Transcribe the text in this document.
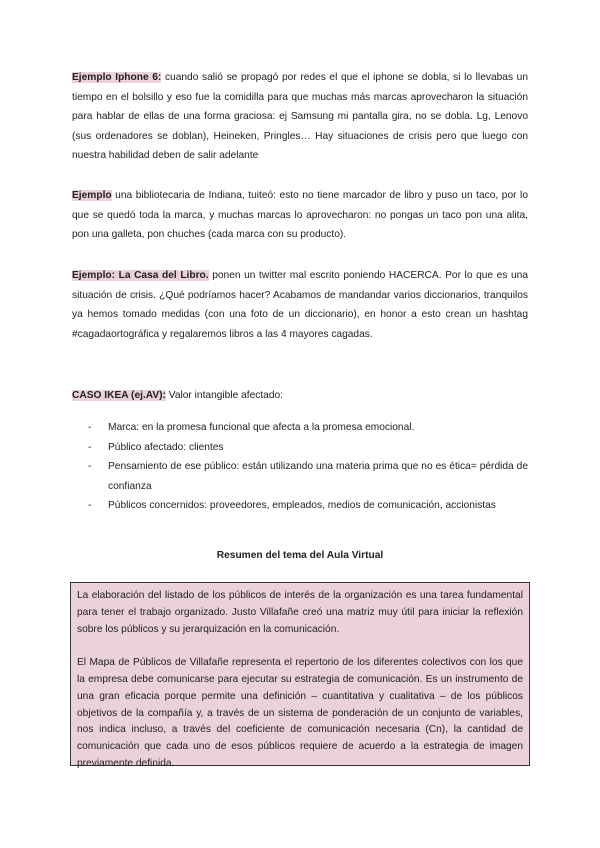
Ejemplo Iphone 6: cuando salió se propagó por redes el que el iphone se dobla, si lo llevabas un tiempo en el bolsillo y eso fue la comidilla para que muchas más marcas aprovecharon la situación para hablar de ellas de una forma graciosa: ej Samsung mi pantalla gira, no se dobla. Lg, Lenovo (sus ordenadores se doblan), Heineken, Pringles… Hay situaciones de crisis pero que luego con nuestra habilidad deben de salir adelante

Ejemplo una bibliotecaria de Indiana, tuiteó: esto no tiene marcador de libro y puso un taco, por lo que se quedó toda la marca, y muchas marcas lo aprovecharon: no pongas un taco pon una alita, pon una galleta, pon chuches (cada marca con su producto).

Ejemplo: La Casa del Libro. ponen un twitter mal escrito poniendo HACERCA. Por lo que es una situación de crisis. ¿Qué podríamos hacer? Acabamos de mandandar varios diccionarios, tranquilos ya hemos tomado medidas (con una foto de un diccionario), en honor a esto crean un hashtag #cagadaortográfica y regalaremos libros a las 4 mayores cagadas.

CASO IKEA (ej.AV): Valor intangible afectado:

- Marca: en la promesa funcional que afecta a la promesa emocional.
- Público afectado: clientes
- Pensamiento de ese público: están utilizando una materia prima que no es ética= pérdida de confianza
- Públicos concernidos: proveedores, empleados, medios de comunicación, accionistas

Resumen del tema del Aula Virtual

La elaboración del listado de los públicos de interés de la organización es una tarea fundamental para tener el trabajo organizado. Justo Villafañe creó una matriz muy útil para iniciar la reflexión sobre los públicos y su jerarquización en la comunicación.

El Mapa de Públicos de Villafañe representa el repertorio de los diferentes colectivos con los que la empresa debe comunicarse para ejecutar su estrategia de comunicación. Es un instrumento de una gran eficacia porque permite una definición – cuantitativa y cualitativa – de los públicos objetivos de la compañía y, a través de un sistema de ponderación de un conjunto de variables, nos indica incluso, a través del coeficiente de comunicación necesaria (Cn), la cantidad de comunicación que cada uno de esos públicos requiere de acuerdo a la estrategia de imagen previamente definida.
